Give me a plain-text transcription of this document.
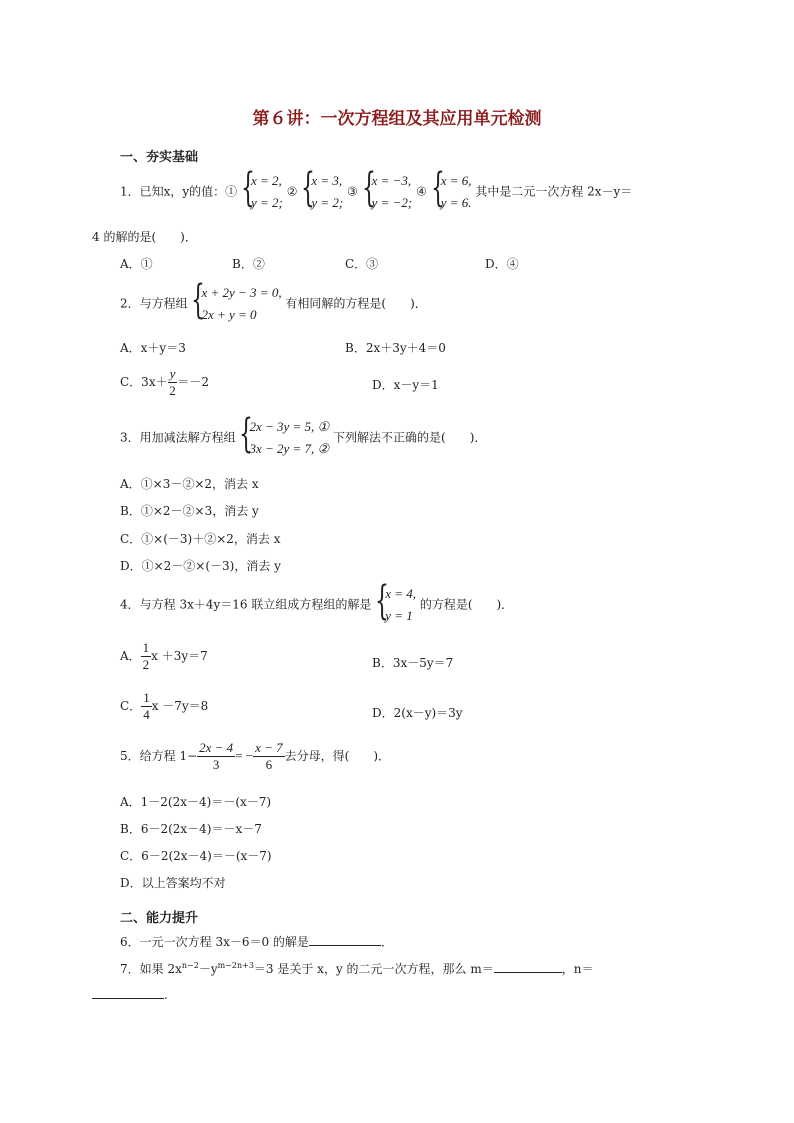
第６讲：一次方程组及其应用单元检测
一、夯实基础
1．已知x，y的值：① {
x = 2,
y = 2;
② {
x = 3,
y = 2;
③ {
x = −3,
y = −2;
④ {
x = 6,
y = 6.
其中是二元一次方程 2x－y＝
4 的解的是(　　)．
A．①	B．②	C．③	D．④
2．与方程组 {
x + 2y − 3 = 0,
2x + y = 0
有相同解的方程是(　　)．
A．x＋y＝3	B．2x＋3y＋4＝0
C．$3x+ \frac{y}{2} =-2$	D．x－y＝1
3．用加减法解方程组 {
2x − 3y = 5, ①
3x − 2y = 7, ②
下列解法不正确的是(　　)．
A．①×3－②×2，消去 x
B．①×2－②×3，消去 y
C．①×(－3)＋②×2，消去 x
D．①×2－②×(－3)，消去 y
4．与方程 3x＋4y＝16 联立组成方程组的解是 {
x = 4,
y = 1
的方程是(　　)．
A． $\frac{1}{2}$ x ＋3y＝7	B．3x－5y＝7
C． $\frac{1}{4}$ x －7y＝8	D．2(x－y)＝3y
5．给方程 $1- \frac{2x - 4}{3}$ = − $\frac{x - 7}{6}$ 去分母，得(　　)．
A．1－2(2x－4)＝－(x－7)
B．6－2(2x－4)＝－x－7
C．6－2(2x－4)＝－(x－7)
D．以上答案均不对
二、能力提升
6．一元一次方程 3x－6＝0 的解是	．
7．如果 $2x^{n-2}-y^{m-2n+3}=3$ 是关于 x，y 的二元一次方程，那么 m＝	，n＝
.
